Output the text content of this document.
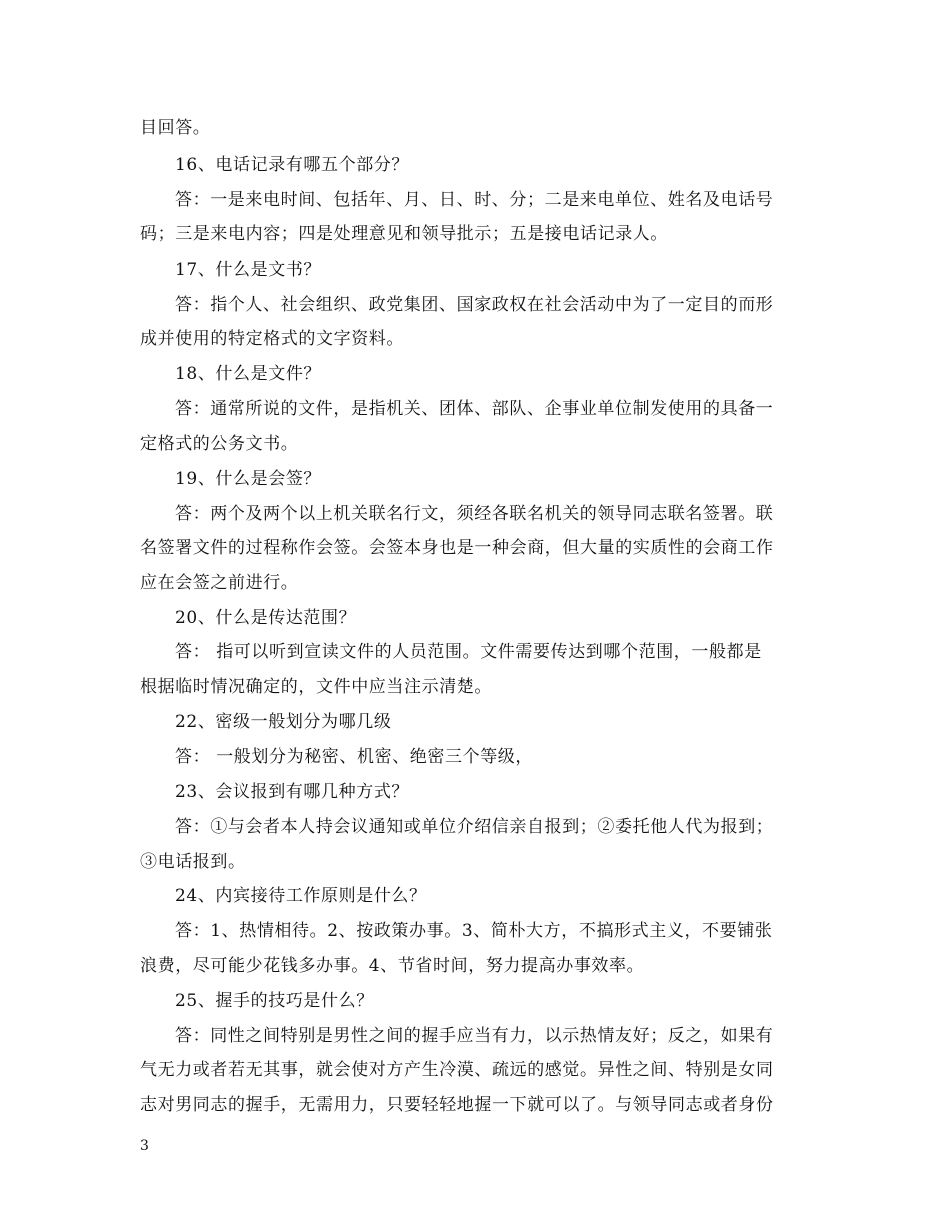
目回答。
16、电话记录有哪五个部分？
答：一是来电时间、包括年、月、日、时、分；二是来电单位、姓名及电话号
码；三是来电内容；四是处理意见和领导批示；五是接电话记录人。
17、什么是文书？
答：指个人、社会组织、政党集团、国家政权在社会活动中为了一定目的而形
成并使用的特定格式的文字资料。
18、什么是文件？
答：通常所说的文件，是指机关、团体、部队、企事业单位制发使用的具备一
定格式的公务文书。
19、什么是会签？
答：两个及两个以上机关联名行文，须经各联名机关的领导同志联名签署。联
名签署文件的过程称作会签。会签本身也是一种会商，但大量的实质性的会商工作
应在会签之前进行。
20、什么是传达范围？
答： 指可以听到宣读文件的人员范围。文件需要传达到哪个范围，一般都是
根据临时情况确定的，文件中应当注示清楚。
22、密级一般划分为哪几级
答： 一般划分为秘密、机密、绝密三个等级，
23、会议报到有哪几种方式？
答：①与会者本人持会议通知或单位介绍信亲自报到；②委托他人代为报到；
③电话报到。
24、内宾接待工作原则是什么？
答：1、热情相待。2、按政策办事。3、简朴大方，不搞形式主义，不要铺张
浪费，尽可能少花钱多办事。4、节省时间，努力提高办事效率。
25、握手的技巧是什么？
答：同性之间特别是男性之间的握手应当有力，以示热情友好；反之，如果有
气无力或者若无其事，就会使对方产生冷漠、疏远的感觉。异性之间、特别是女同
志对男同志的握手，无需用力，只要轻轻地握一下就可以了。与领导同志或者身份
3
